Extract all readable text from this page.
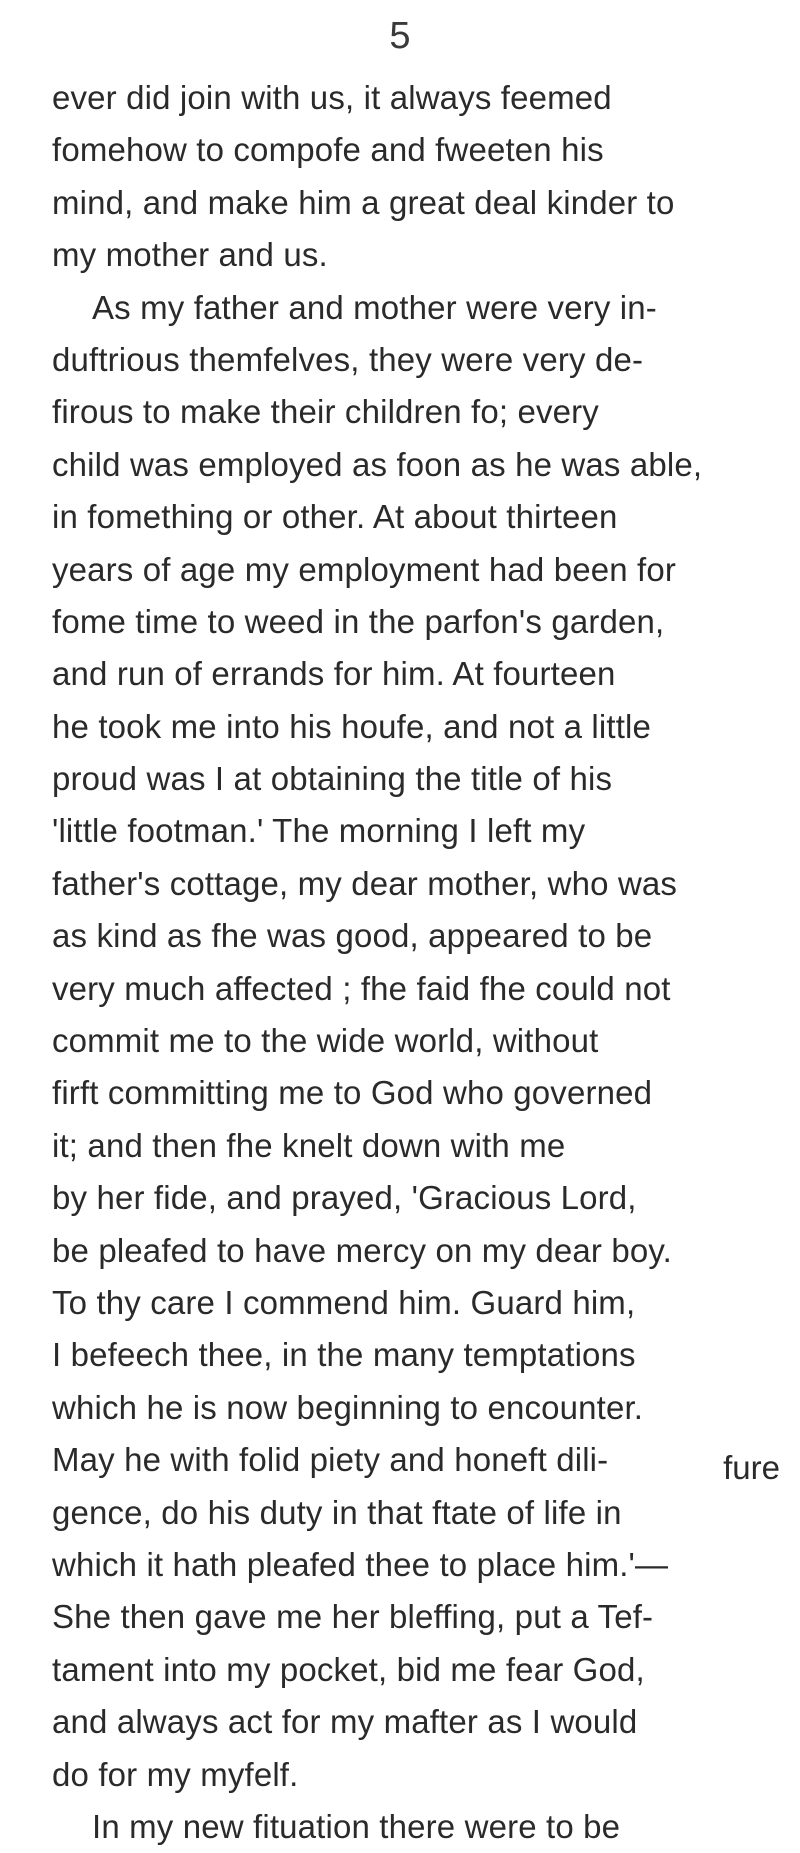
5
ever did join with us, it always feemed
fomehow to compofe and fweeten his
mind, and make him a great deal kinder to
my mother and us.
As my father and mother were very in-
duftrious themfelves, they were very de-
firous to make their children fo; every
child was employed as foon as he was able,
in fomething or other. At about thirteen
years of age my employment had been for
fome time to weed in the parfon's garden,
and run of errands for him. At fourteen
he took me into his houfe, and not a little
proud was I at obtaining the title of his
'little footman.' The morning I left my
father's cottage, my dear mother, who was
as kind as fhe was good, appeared to be
very much affected ; fhe faid fhe could not
commit me to the wide world, without
firft committing me to God who governed
it; and then fhe knelt down with me
by her fide, and prayed, 'Gracious Lord,
be pleafed to have mercy on my dear boy.
To thy care I commend him. Guard him,
I befeech thee, in the many temptations
which he is now beginning to encounter.
May he with folid piety and honeft dili-
gence, do his duty in that ftate of life in
which it hath pleafed thee to place him.'—
She then gave me her bleffing, put a Tef-
tament into my pocket, bid me fear God,
and always act for my mafter as I would
do for my myfelf.
In my new fituation there were to be
fure
